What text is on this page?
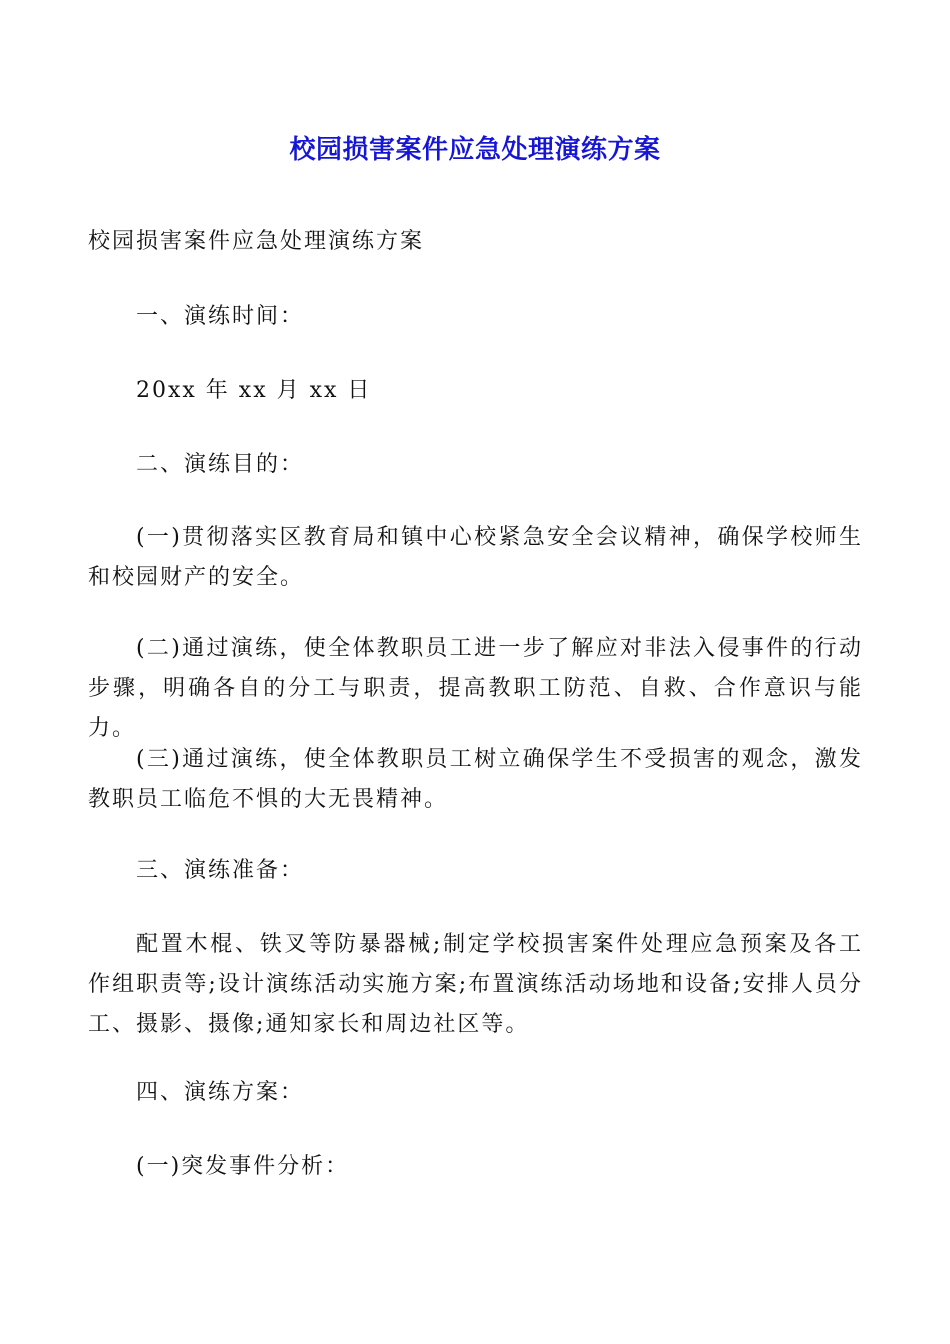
校园损害案件应急处理演练方案

校园损害案件应急处理演练方案

一、演练时间：

20xx 年 xx 月 xx 日

二、演练目的：

(一)贯彻落实区教育局和镇中心校紧急安全会议精神，确保学校师生和校园财产的安全。

(二)通过演练，使全体教职员工进一步了解应对非法入侵事件的行动步骤，明确各自的分工与职责，提高教职工防范、自救、合作意识与能力。

(三)通过演练，使全体教职员工树立确保学生不受损害的观念，激发教职员工临危不惧的大无畏精神。

三、演练准备：

配置木棍、铁叉等防暴器械;制定学校损害案件处理应急预案及各工作组职责等;设计演练活动实施方案;布置演练活动场地和设备;安排人员分工、摄影、摄像;通知家长和周边社区等。

四、演练方案：

(一)突发事件分析：
